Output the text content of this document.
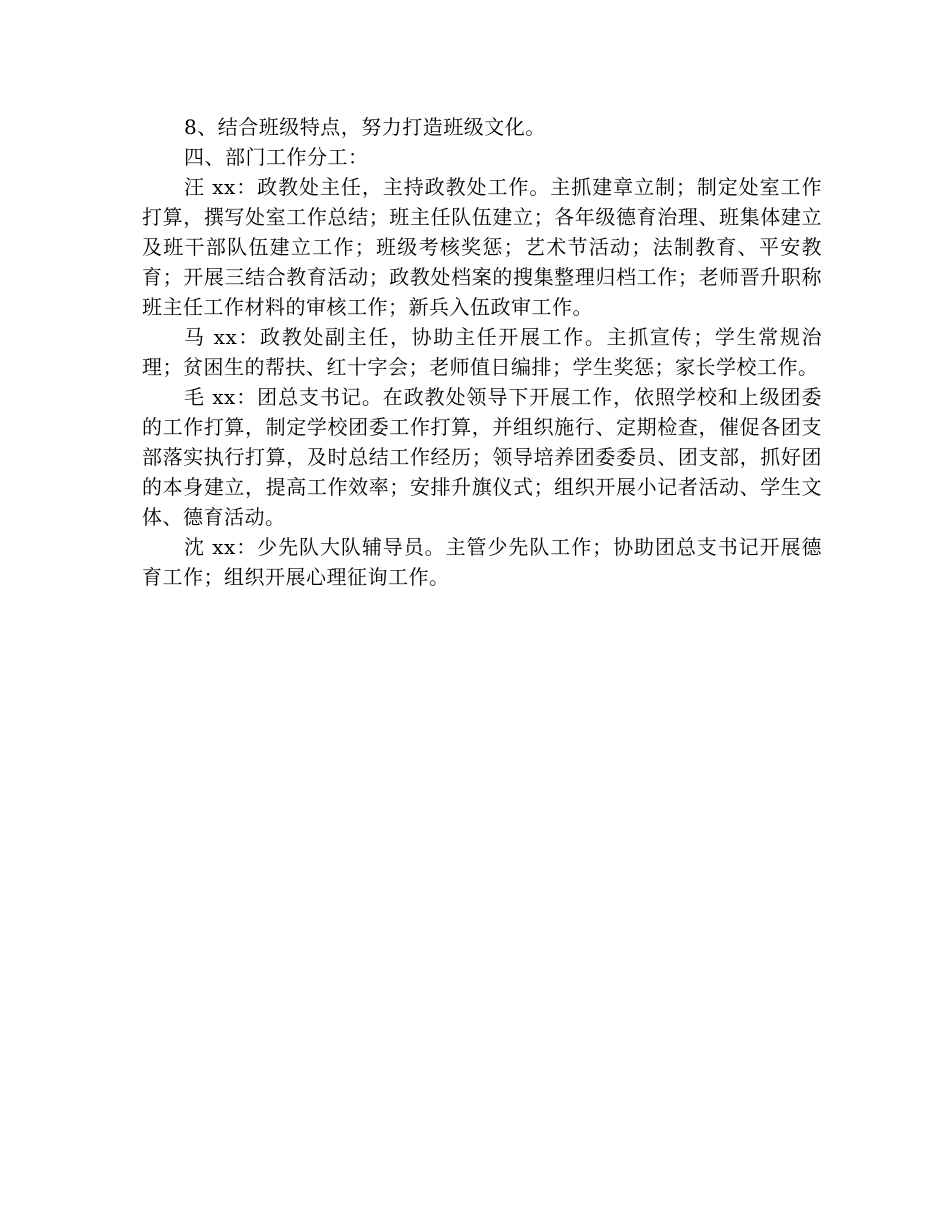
8、结合班级特点，努力打造班级文化。

四、部门工作分工：

汪 xx：政教处主任，主持政教处工作。主抓建章立制；制定处室工作打算，撰写处室工作总结；班主任队伍建立；各年级德育治理、班集体建立及班干部队伍建立工作；班级考核奖惩；艺术节活动；法制教育、平安教育；开展三结合教育活动；政教处档案的搜集整理归档工作；老师晋升职称班主任工作材料的审核工作；新兵入伍政审工作。

马 xx：政教处副主任，协助主任开展工作。主抓宣传；学生常规治理；贫困生的帮扶、红十字会；老师值日编排；学生奖惩；家长学校工作。

毛 xx：团总支书记。在政教处领导下开展工作，依照学校和上级团委的工作打算，制定学校团委工作打算，并组织施行、定期检查，催促各团支部落实执行打算，及时总结工作经历；领导培养团委委员、团支部，抓好团的本身建立，提高工作效率；安排升旗仪式；组织开展小记者活动、学生文体、德育活动。

沈 xx：少先队大队辅导员。主管少先队工作；协助团总支书记开展德育工作；组织开展心理征询工作。
